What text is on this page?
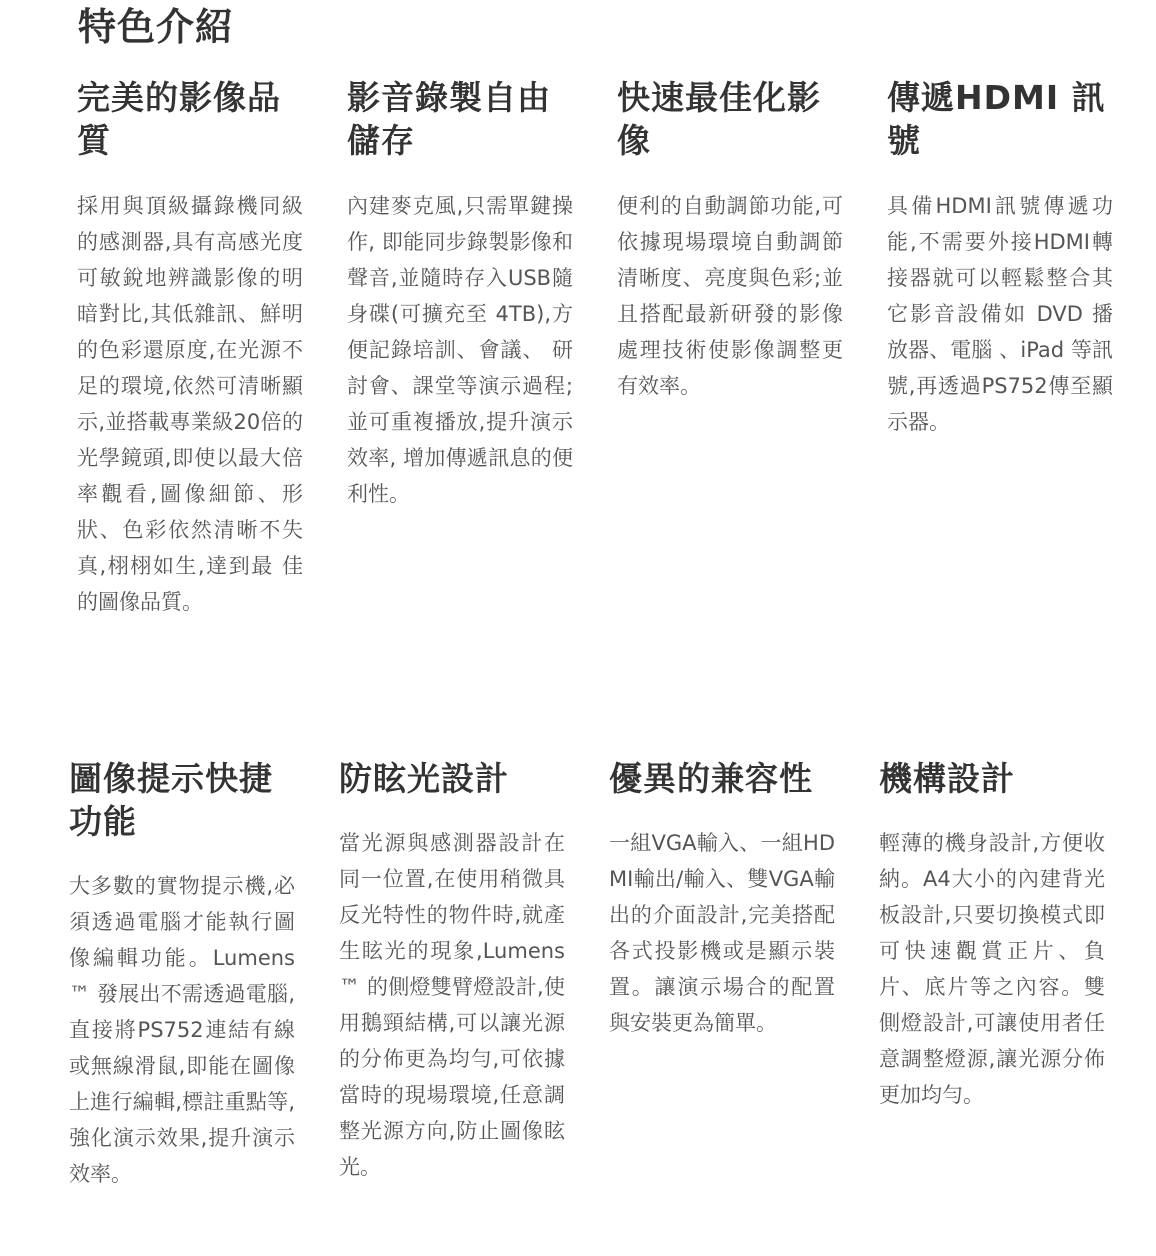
特色介紹
完美的影像品質

採用與頂級攝錄機同級的感測器,具有高感光度可敏銳地辨識影像的明暗對比,其低雜訊、鮮明的色彩還原度,在光源不足的環境,依然可清晰顯示,並搭載專業級20倍的光學鏡頭,即使以最大倍率觀看,圖像細節、形狀、色彩依然清晰不失真,栩栩如生,達到最 佳的圖像品質。

影音錄製自由儲存

內建麥克風,只需單鍵操作, 即能同步錄製影像和聲音,並隨時存入USB隨身碟(可擴充至 4TB),方便記錄培訓、會議、 研討會、課堂等演示過程;並可重複播放,提升演示效率, 增加傳遞訊息的便利性。

快速最佳化影像

便利的自動調節功能,可依據現場環境自動調節清晰度、亮度與色彩;並且搭配最新研發的影像處理技術使影像調整更有效率。

傳遞HDMI 訊號

具備HDMI訊號傳遞功能,不需要外接HDMI轉接器就可以輕鬆整合其它影音設備如 DVD 播放器、電腦 、iPad 等訊號,再透過PS752傳至顯示器。

圖像提示快捷功能

大多數的實物提示機,必須透過電腦才能執行圖像編輯功能。Lumens™ 發展出不需透過電腦,直接將PS752連結有線或無線滑鼠,即能在圖像上進行編輯,標註重點等,強化演示效果,提升演示效率。

防眩光設計

當光源與感測器設計在同一位置,在使用稍微具反光特性的物件時,就產生眩光的現象,Lumens™ 的側燈雙臂燈設計,使用鵝頸結構,可以讓光源的分佈更為均勻,可依據當時的現場環境,任意調整光源方向,防止圖像眩光。

優異的兼容性

一組VGA輸入、一組HDMI輸出/輸入、雙VGA輸出的介面設計,完美搭配各式投影機或是顯示裝置。讓演示場合的配置與安裝更為簡單。

機構設計

輕薄的機身設計,方便收納。A4大小的內建背光板設計,只要切換模式即可快速觀賞正片、負片、底片等之內容。雙側燈設計,可讓使用者任意調整燈源,讓光源分佈更加均勻。
